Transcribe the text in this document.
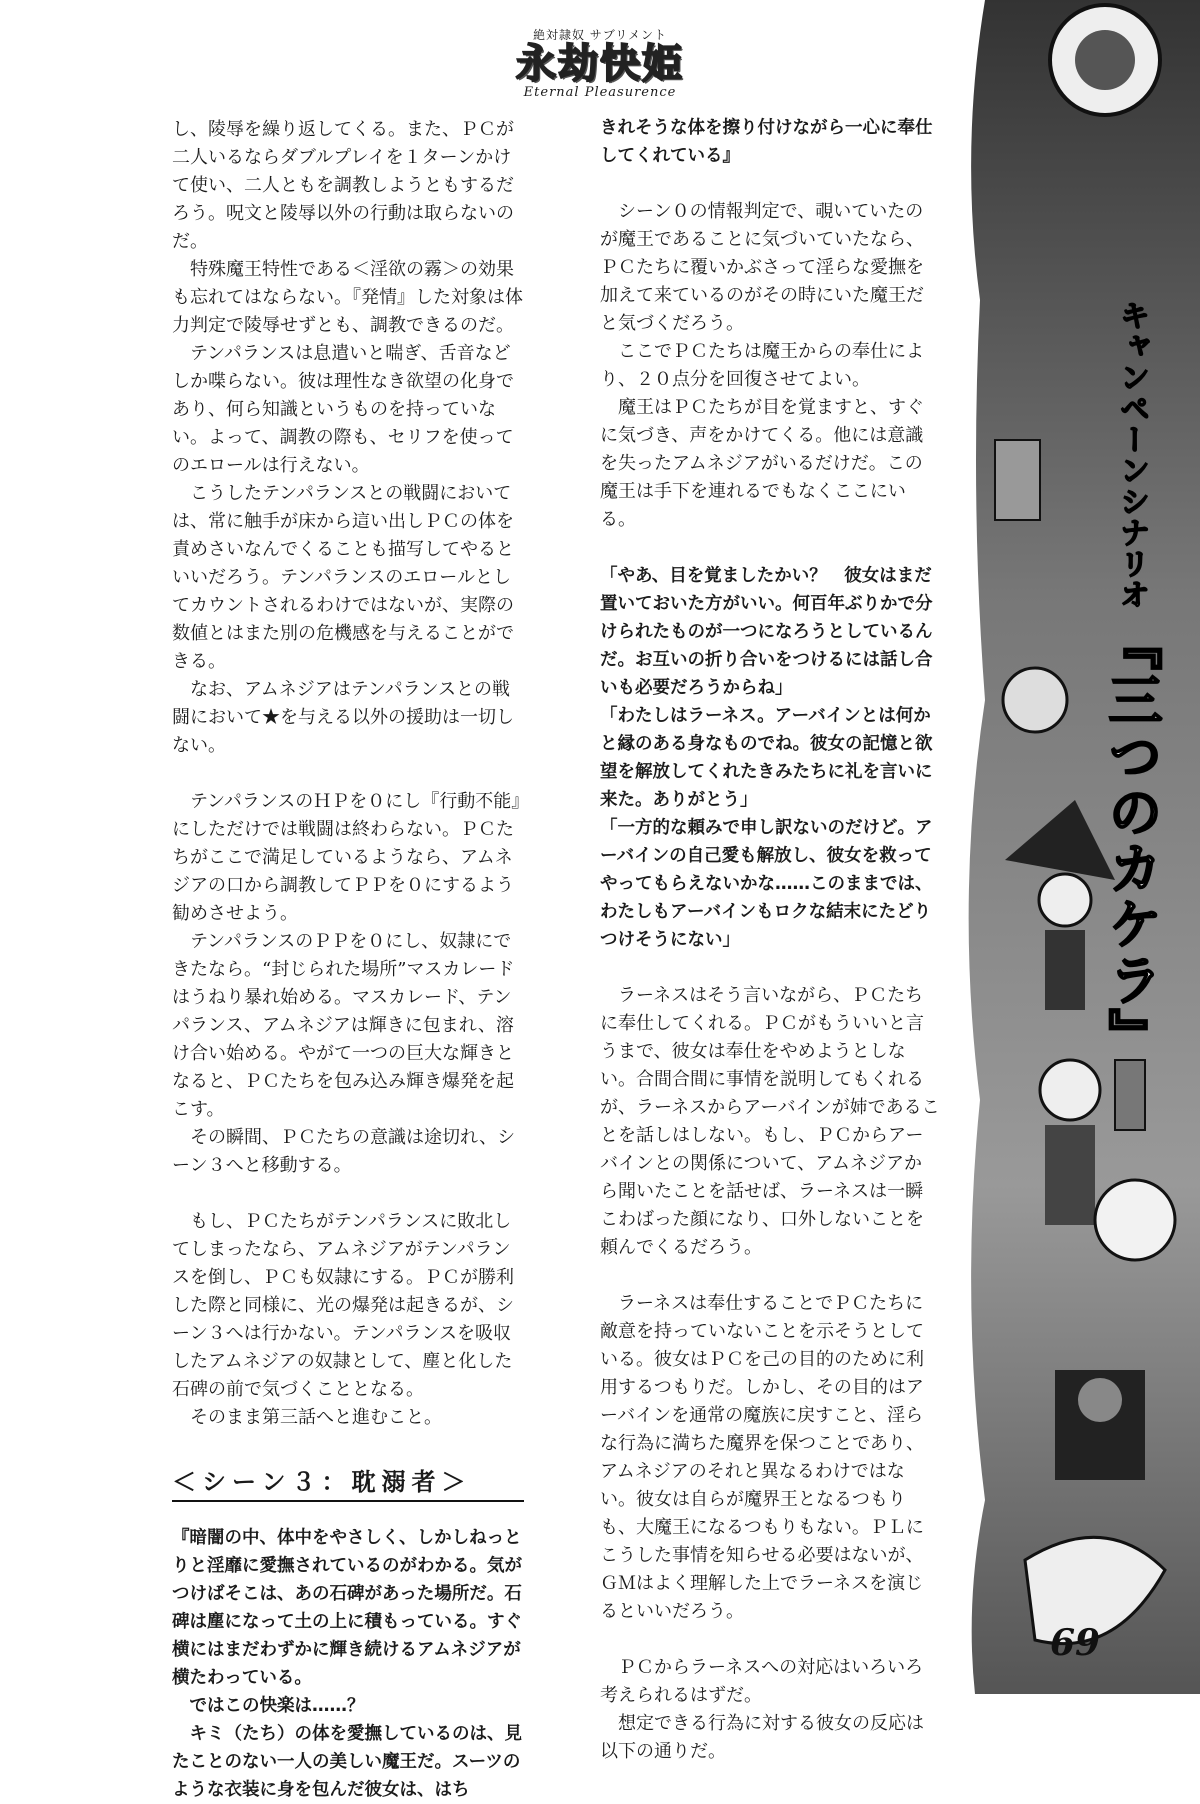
絶対隷奴 サブリメント
永劫快姫
Eternal Pleasurence

し、陵辱を繰り返してくる。また、ＰＣが二人いるならダブルプレイを１ターンかけて使い、二人ともを調教しようともするだろう。呪文と陵辱以外の行動は取らないのだ。

特殊魔王特性である＜淫欲の霧＞の効果も忘れてはならない。『発情』した対象は体力判定で陵辱せずとも、調教できるのだ。

テンパランスは息遣いと喘ぎ、舌音などしか喋らない。彼は理性なき欲望の化身であり、何ら知識というものを持っていない。よって、調教の際も、セリフを使ってのエロールは行えない。

こうしたテンパランスとの戦闘においては、常に触手が床から這い出しＰＣの体を責めさいなんでくることも描写してやるといいだろう。テンパランスのエロールとしてカウントされるわけではないが、実際の数値とはまた別の危機感を与えることができる。

なお、アムネジアはテンパランスとの戦闘において★を与える以外の援助は一切しない。

テンパランスのＨＰを０にし『行動不能』にしただけでは戦闘は終わらない。ＰＣたちがここで満足しているようなら、アムネジアの口から調教してＰＰを０にするよう勧めさせよう。

テンパランスのＰＰを０にし、奴隷にできたなら。“封じられた場所”マスカレードはうねり暴れ始める。マスカレード、テンパランス、アムネジアは輝きに包まれ、溶け合い始める。やがて一つの巨大な輝きとなると、ＰＣたちを包み込み輝き爆発を起こす。

その瞬間、ＰＣたちの意識は途切れ、シーン３へと移動する。

もし、ＰＣたちがテンパランスに敗北してしまったなら、アムネジアがテンパランスを倒し、ＰＣも奴隷にする。ＰＣが勝利した際と同様に、光の爆発は起きるが、シーン３へは行かない。テンパランスを吸収したアムネジアの奴隷として、塵と化した石碑の前で気づくこととなる。

そのまま第三話へと進むこと。

＜シーン３：耽溺者＞

『暗闇の中、体中をやさしく、しかしねっとりと淫靡に愛撫されているのがわかる。気がつけばそこは、あの石碑があった場所だ。石碑は塵になって土の上に積もっている。すぐ横にはまだわずかに輝き続けるアムネジアが横たわっている。

ではこの快楽は……？

キミ（たち）の体を愛撫しているのは、見たことのない一人の美しい魔王だ。スーツのような衣装に身を包んだ彼女は、はち

きれそうな体を擦り付けながら一心に奉仕してくれている』

シーン０の情報判定で、覗いていたのが魔王であることに気づいていたなら、ＰＣたちに覆いかぶさって淫らな愛撫を加えて来ているのがその時にいた魔王だと気づくだろう。

ここでＰＣたちは魔王からの奉仕により、２０点分を回復させてよい。

魔王はＰＣたちが目を覚ますと、すぐに気づき、声をかけてくる。他には意識を失ったアムネジアがいるだけだ。この魔王は手下を連れるでもなくここにいる。

「やあ、目を覚ましたかい？　彼女はまだ置いておいた方がいい。何百年ぶりかで分けられたものが一つになろうとしているんだ。お互いの折り合いをつけるには話し合いも必要だろうからね」

「わたしはラーネス。アーバインとは何かと縁のある身なものでね。彼女の記憶と欲望を解放してくれたきみたちに礼を言いに来た。ありがとう」

「一方的な頼みで申し訳ないのだけど。アーバインの自己愛も解放し、彼女を救ってやってもらえないかな……このままでは、わたしもアーバインもロクな結末にたどりつけそうにない」

ラーネスはそう言いながら、ＰＣたちに奉仕してくれる。ＰＣがもういいと言うまで、彼女は奉仕をやめようとしない。合間合間に事情を説明してもくれるが、ラーネスからアーバインが姉であることを話しはしない。もし、ＰＣからアーバインとの関係について、アムネジアから聞いたことを話せば、ラーネスは一瞬こわばった顔になり、口外しないことを頼んでくるだろう。

ラーネスは奉仕することでＰＣたちに敵意を持っていないことを示そうとしている。彼女はＰＣを己の目的のために利用するつもりだ。しかし、その目的はアーバインを通常の魔族に戻すこと、淫らな行為に満ちた魔界を保つことであり、アムネジアのそれと異なるわけではない。彼女は自らが魔界王となるつもりも、大魔王になるつもりもない。ＰＬにこうした事情を知らせる必要はないが、ＧＭはよく理解した上でラーネスを演じるといいだろう。

ＰＣからラーネスへの対応はいろいろ考えられるはずだ。

想定できる行為に対する彼女の反応は以下の通りだ。

キャンペーンシナリオ 『三つのカケラ』
69
